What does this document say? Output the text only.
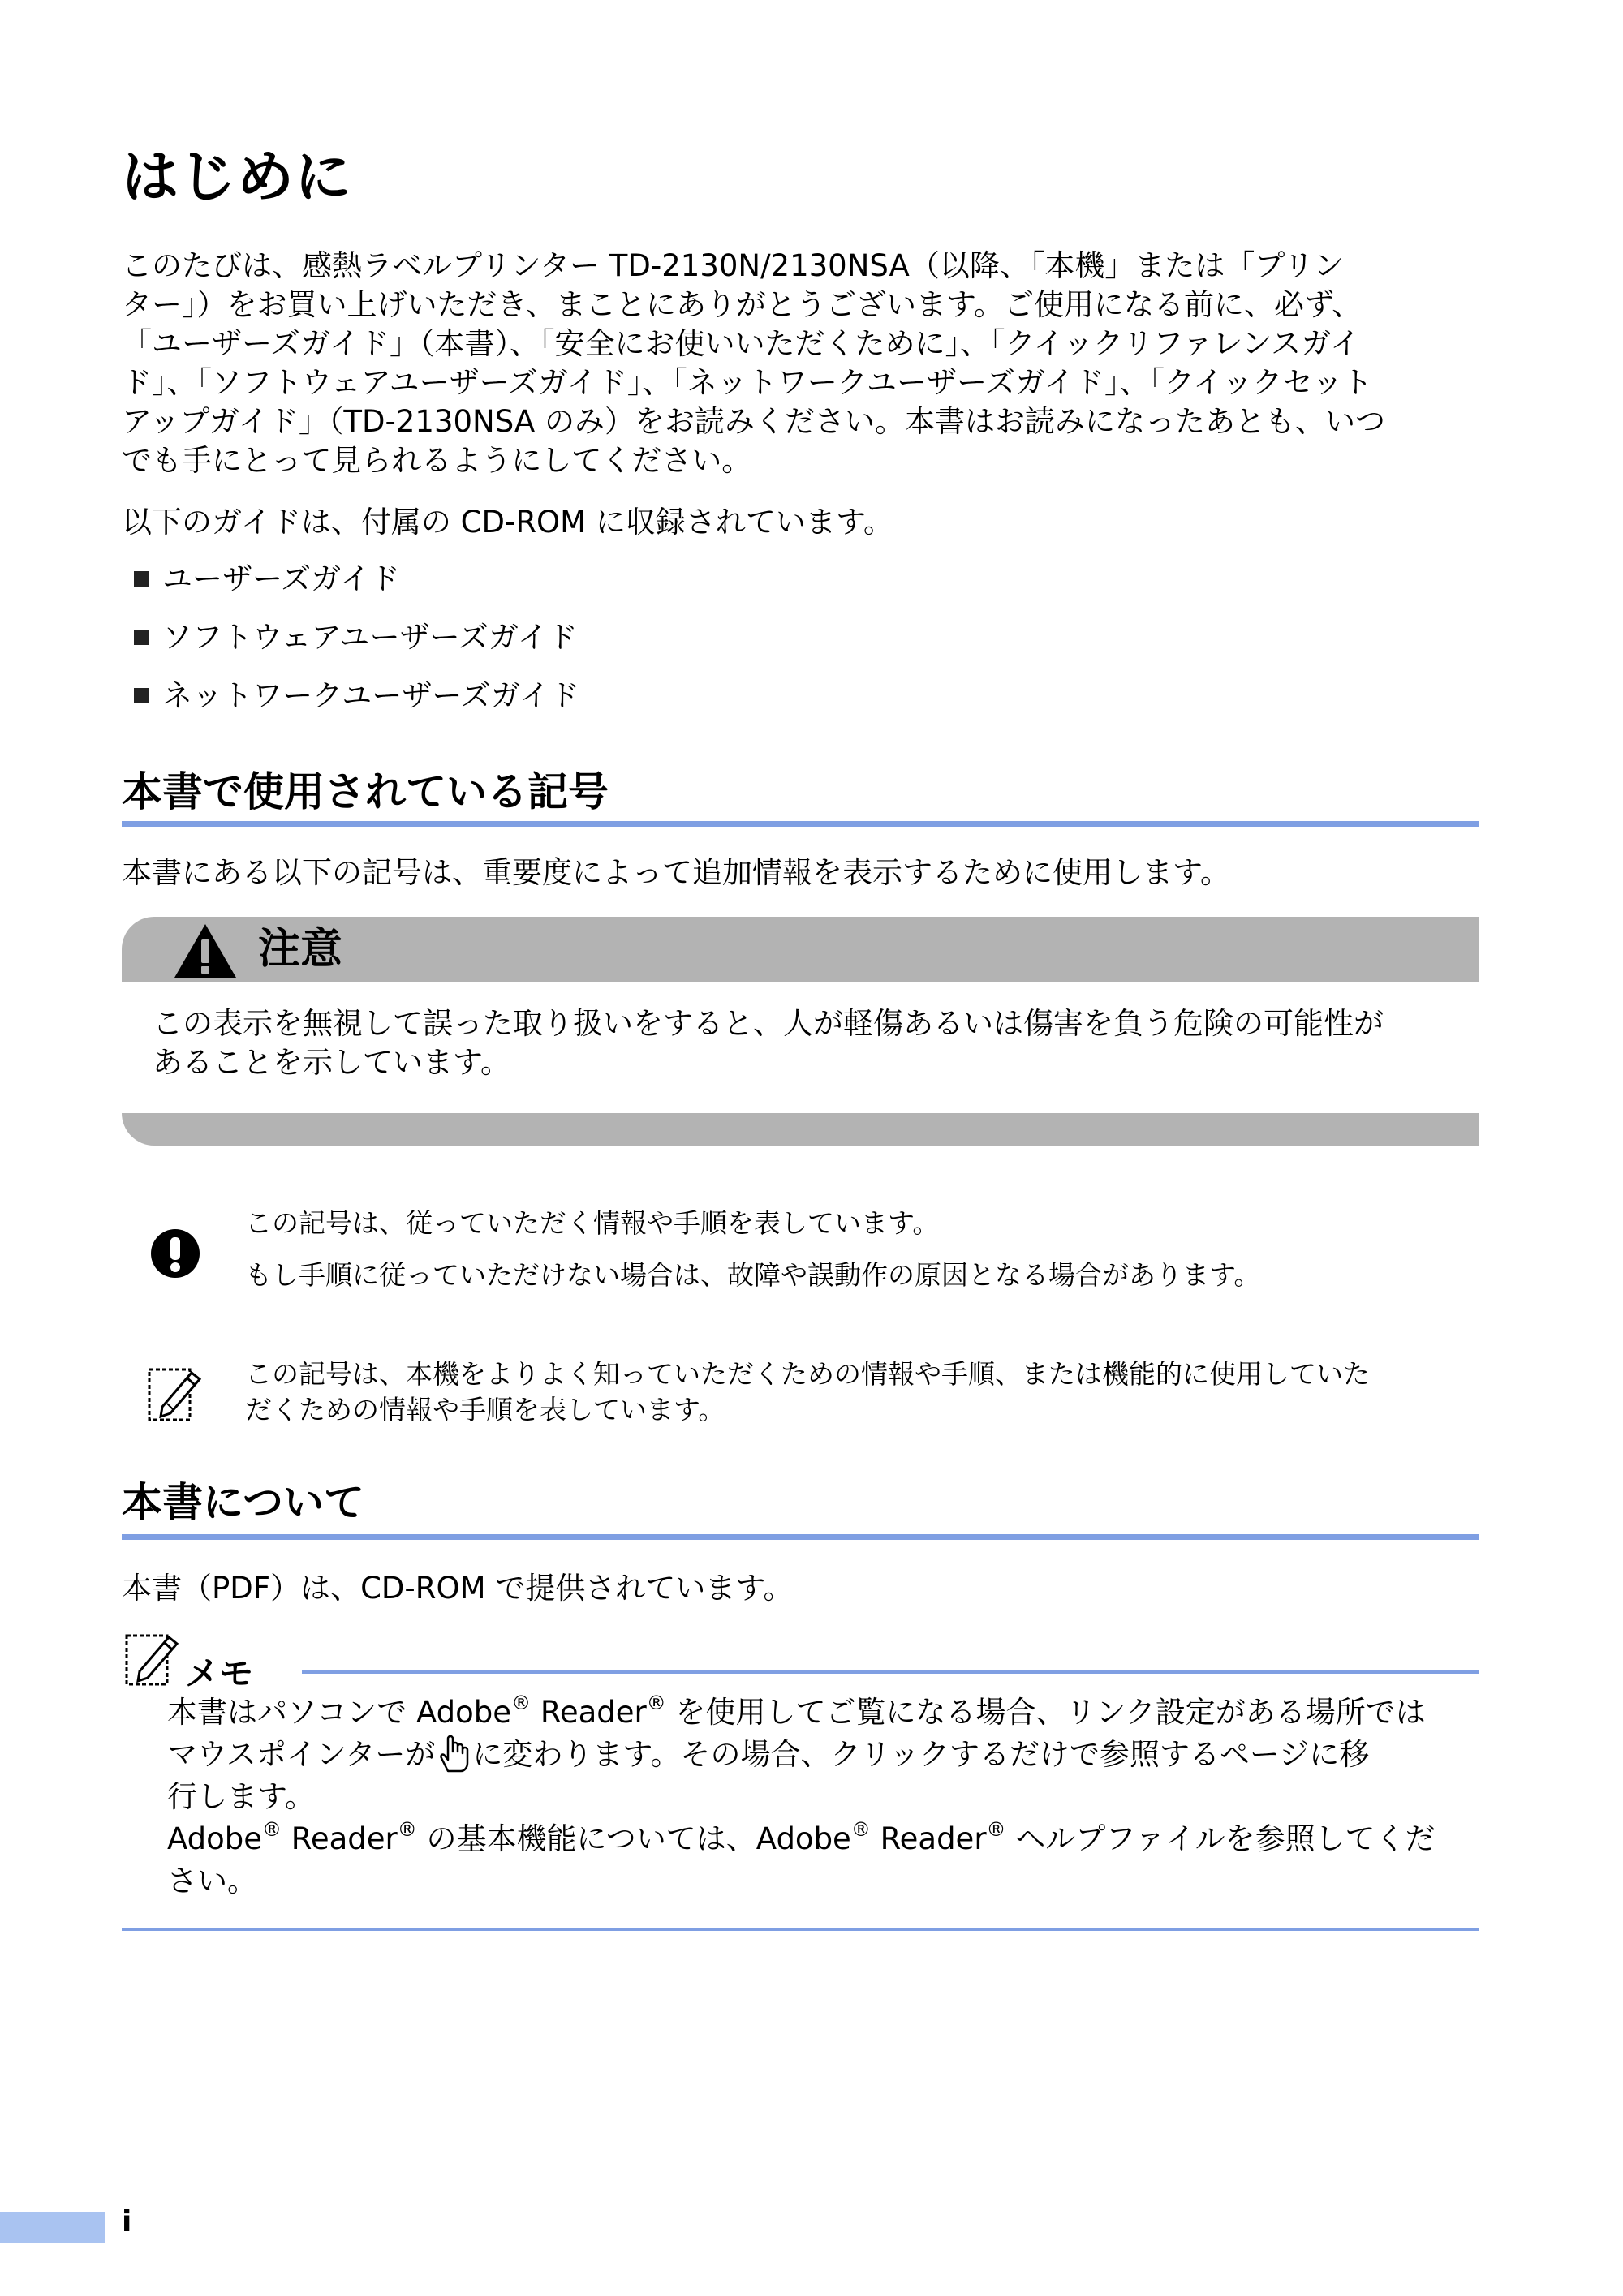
はじめに
このたびは、感熱ラベルプリンター TD-2130N/2130NSA（以降、「本機」または「プリン
ター」）をお買い上げいただき、まことにありがとうございます。ご使用になる前に、必ず、
「ユーザーズガイド」（本書）、「安全にお使いいただくために」、「クイックリファレンスガイ
ド」、「ソフトウェアユーザーズガイド」、「ネットワークユーザーズガイド」、「クイックセット
アップガイド」（TD-2130NSA のみ）をお読みください。本書はお読みになったあとも、いつ
でも手にとって見られるようにしてください。
以下のガイドは、付属の CD-ROM に収録されています。
ユーザーズガイド
ソフトウェアユーザーズガイド
ネットワークユーザーズガイド
本書で使用されている記号
本書にある以下の記号は、重要度によって追加情報を表示するために使用します。
注意
この表示を無視して誤った取り扱いをすると、人が軽傷あるいは傷害を負う危険の可能性が
あることを示しています。
この記号は、従っていただく情報や手順を表しています。
もし手順に従っていただけない場合は、故障や誤動作の原因となる場合があります。
この記号は、本機をよりよく知っていただくための情報や手順、または機能的に使用していた
だくための情報や手順を表しています。
本書について
本書（PDF）は、CD-ROM で提供されています。
メモ
本書はパソコンで Adobe® Reader® を使用してご覧になる場合、リンク設定がある場所では
マウスポインターが に変わります。その場合、クリックするだけで参照するページに移
行します。
Adobe® Reader® の基本機能については、Adobe® Reader® ヘルプファイルを参照してくだ
さい。
i
